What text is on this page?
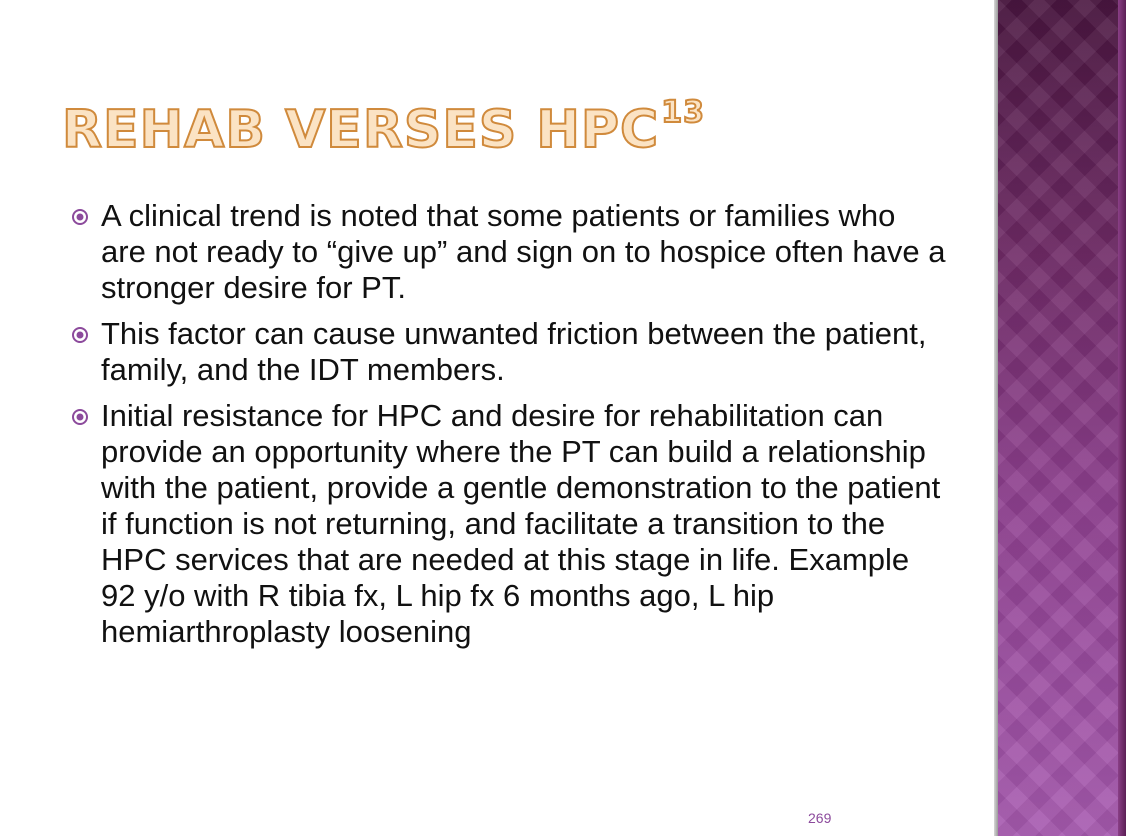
REHAB VERSES HPC$^{13}$
A clinical trend is noted that some patients or families who are not ready to “give up” and sign on to hospice often have a stronger desire for PT.
This factor can cause unwanted friction between the patient, family, and the IDT members.
Initial resistance for HPC and desire for rehabilitation can provide an opportunity where the PT can build a relationship with the patient, provide a gentle demonstration to the patient if function is not returning, and facilitate a transition to the HPC services that are needed at this stage in life. Example 92 y/o with R tibia fx, L hip fx 6 months ago, L hip hemiarthroplasty loosening
269
